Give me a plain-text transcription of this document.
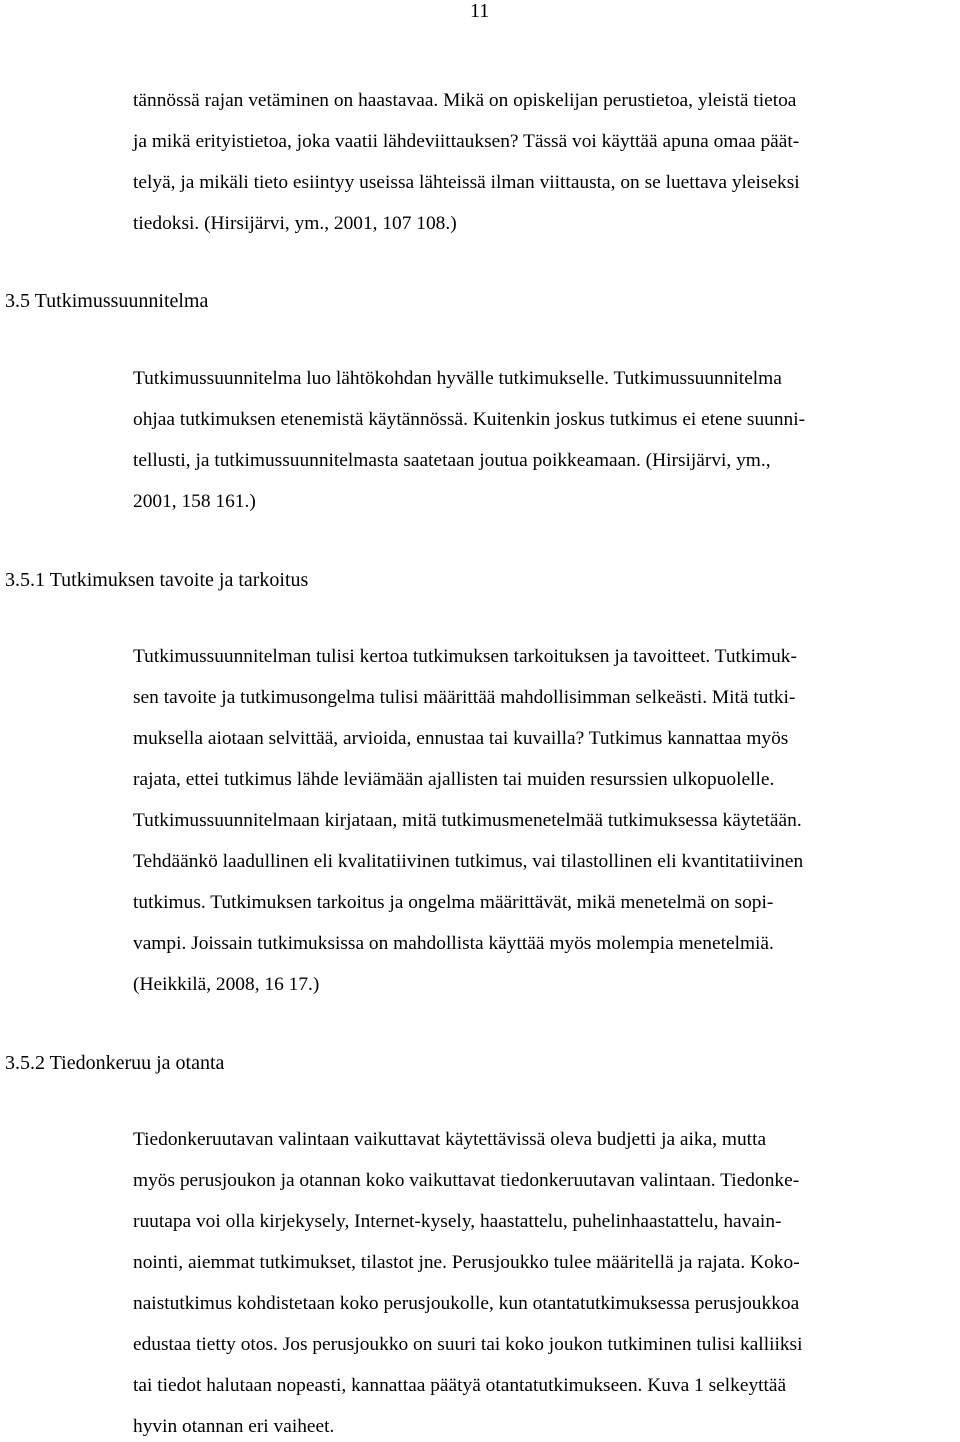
11
tännössä rajan vetäminen on haastavaa. Mikä on opiskelijan perustietoa, yleistä tietoa
ja mikä erityistietoa, joka vaatii lähdeviittauksen? Tässä voi käyttää apuna omaa päät-
telyä, ja mikäli tieto esiintyy useissa lähteissä ilman viittausta, on se luettava yleiseksi
tiedoksi. (Hirsijärvi, ym., 2001, 107 108.)
3.5 Tutkimussuunnitelma
Tutkimussuunnitelma luo lähtökohdan hyvälle tutkimukselle. Tutkimussuunnitelma
ohjaa tutkimuksen etenemistä käytännössä. Kuitenkin joskus tutkimus ei etene suunni-
tellusti, ja tutkimussuunnitelmasta saatetaan joutua poikkeamaan. (Hirsijärvi, ym.,
2001, 158 161.)
3.5.1 Tutkimuksen tavoite ja tarkoitus
Tutkimussuunnitelman tulisi kertoa tutkimuksen tarkoituksen ja tavoitteet. Tutkimuk-
sen tavoite ja tutkimusongelma tulisi määrittää mahdollisimman selkeästi. Mitä tutki-
muksella aiotaan selvittää, arvioida, ennustaa tai kuvailla? Tutkimus kannattaa myös
rajata, ettei tutkimus lähde leviämään ajallisten tai muiden resurssien ulkopuolelle.
Tutkimussuunnitelmaan kirjataan, mitä tutkimusmenetelmää tutkimuksessa käytetään.
Tehdäänkö laadullinen eli kvalitatiivinen tutkimus, vai tilastollinen eli kvantitatiivinen
tutkimus. Tutkimuksen tarkoitus ja ongelma määrittävät, mikä menetelmä on sopi-
vampi. Joissain tutkimuksissa on mahdollista käyttää myös molempia menetelmiä.
(Heikkilä, 2008, 16 17.)
3.5.2 Tiedonkeruu ja otanta
Tiedonkeruutavan valintaan vaikuttavat käytettävissä oleva budjetti ja aika, mutta
myös perusjoukon ja otannan koko vaikuttavat tiedonkeruutavan valintaan. Tiedonke-
ruutapa voi olla kirjekysely, Internet-kysely, haastattelu, puhelinhaastattelu, havain-
nointi, aiemmat tutkimukset, tilastot jne. Perusjoukko tulee määritellä ja rajata. Koko-
naistutkimus kohdistetaan koko perusjoukolle, kun otantatutkimuksessa perusjoukkoa
edustaa tietty otos. Jos perusjoukko on suuri tai koko joukon tutkiminen tulisi kalliiksi
tai tiedot halutaan nopeasti, kannattaa päätyä otantatutkimukseen. Kuva 1 selkeyttää
hyvin otannan eri vaiheet.
